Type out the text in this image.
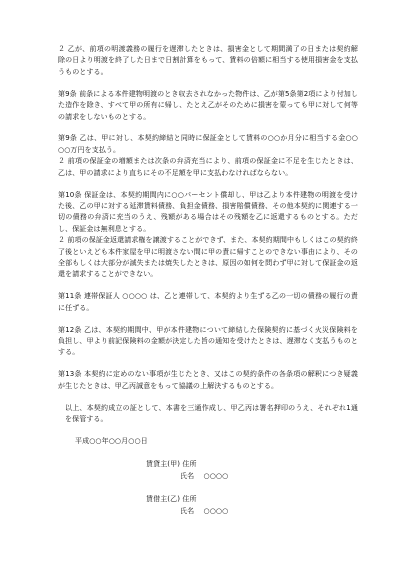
２ 乙が、前項の明渡義務の履行を遅滞したときは、損害金として期間満了の日または契約解除の日より明渡を終了した日まで日割計算をもって、賃料の倍額に相当する使用損害金を支払うものとする。

第9条 前条による本件建物明渡のとき収去されなかった物件は、乙が第5条第2項により付加した造作を除き、すべて甲の所有に帰し、たとえ乙がそのために損害を蒙っても甲に対して何等の請求をしないものとする。

第9条 乙は、甲に対し、本契約締結と同時に保証金として賃料の○○か月分に相当する金○○○○万円を支払う。

２ 前項の保証金の増額または次条の弁済充当により、前項の保証金に不足を生じたときは、乙は、甲の請求により直ちにその不足額を甲に支払わなければならない。

第10条 保証金は、本契約期間内に○○パーセント償却し、甲は乙より本件建物の明渡を受けた後、乙の甲に対する延滞賃料債務、負担金債務、損害賠償債務、その他本契約に関連する一切の債務の弁済に充当のうえ、残額がある場合はその残額を乙に返還するものとする。ただし、保証金は無利息とする。

２ 前項の保証金返還請求権を譲渡することができず、また、本契約期間中もしくはこの契約終了後といえども本件家屋を甲に明渡さない間に甲の責に帰すことのできない事由により、その全部もしくは大部分が滅失または焼失したときは、原因の如何を問わず甲に対して保証金の返還を請求することができない。

第11条 連帯保証人 ○○○○ は、乙と連帯して、本契約より生ずる乙の一切の債務の履行の責に任ずる。

第12条 乙は、本契約期間中、甲が本件建物について締結した保険契約に基づく火災保険料を負担し、甲より前記保険料の金額が決定した旨の通知を受けたときは、遅滞なく支払うものとする。

第13条 本契約に定めのない事項が生じたとき、又はこの契約条件の各条項の解釈につき疑義が生じたときは、甲乙丙誠意をもって協議の上解決するものとする。

以上、本契約成立の証として、本書を三通作成し、甲乙丙は署名押印のうえ、それぞれ1通を保管する。

平成○○年○○月○○日
賃貸主(甲) 住所
氏名 ○○○○
賃借主(乙) 住所
氏名 ○○○○
